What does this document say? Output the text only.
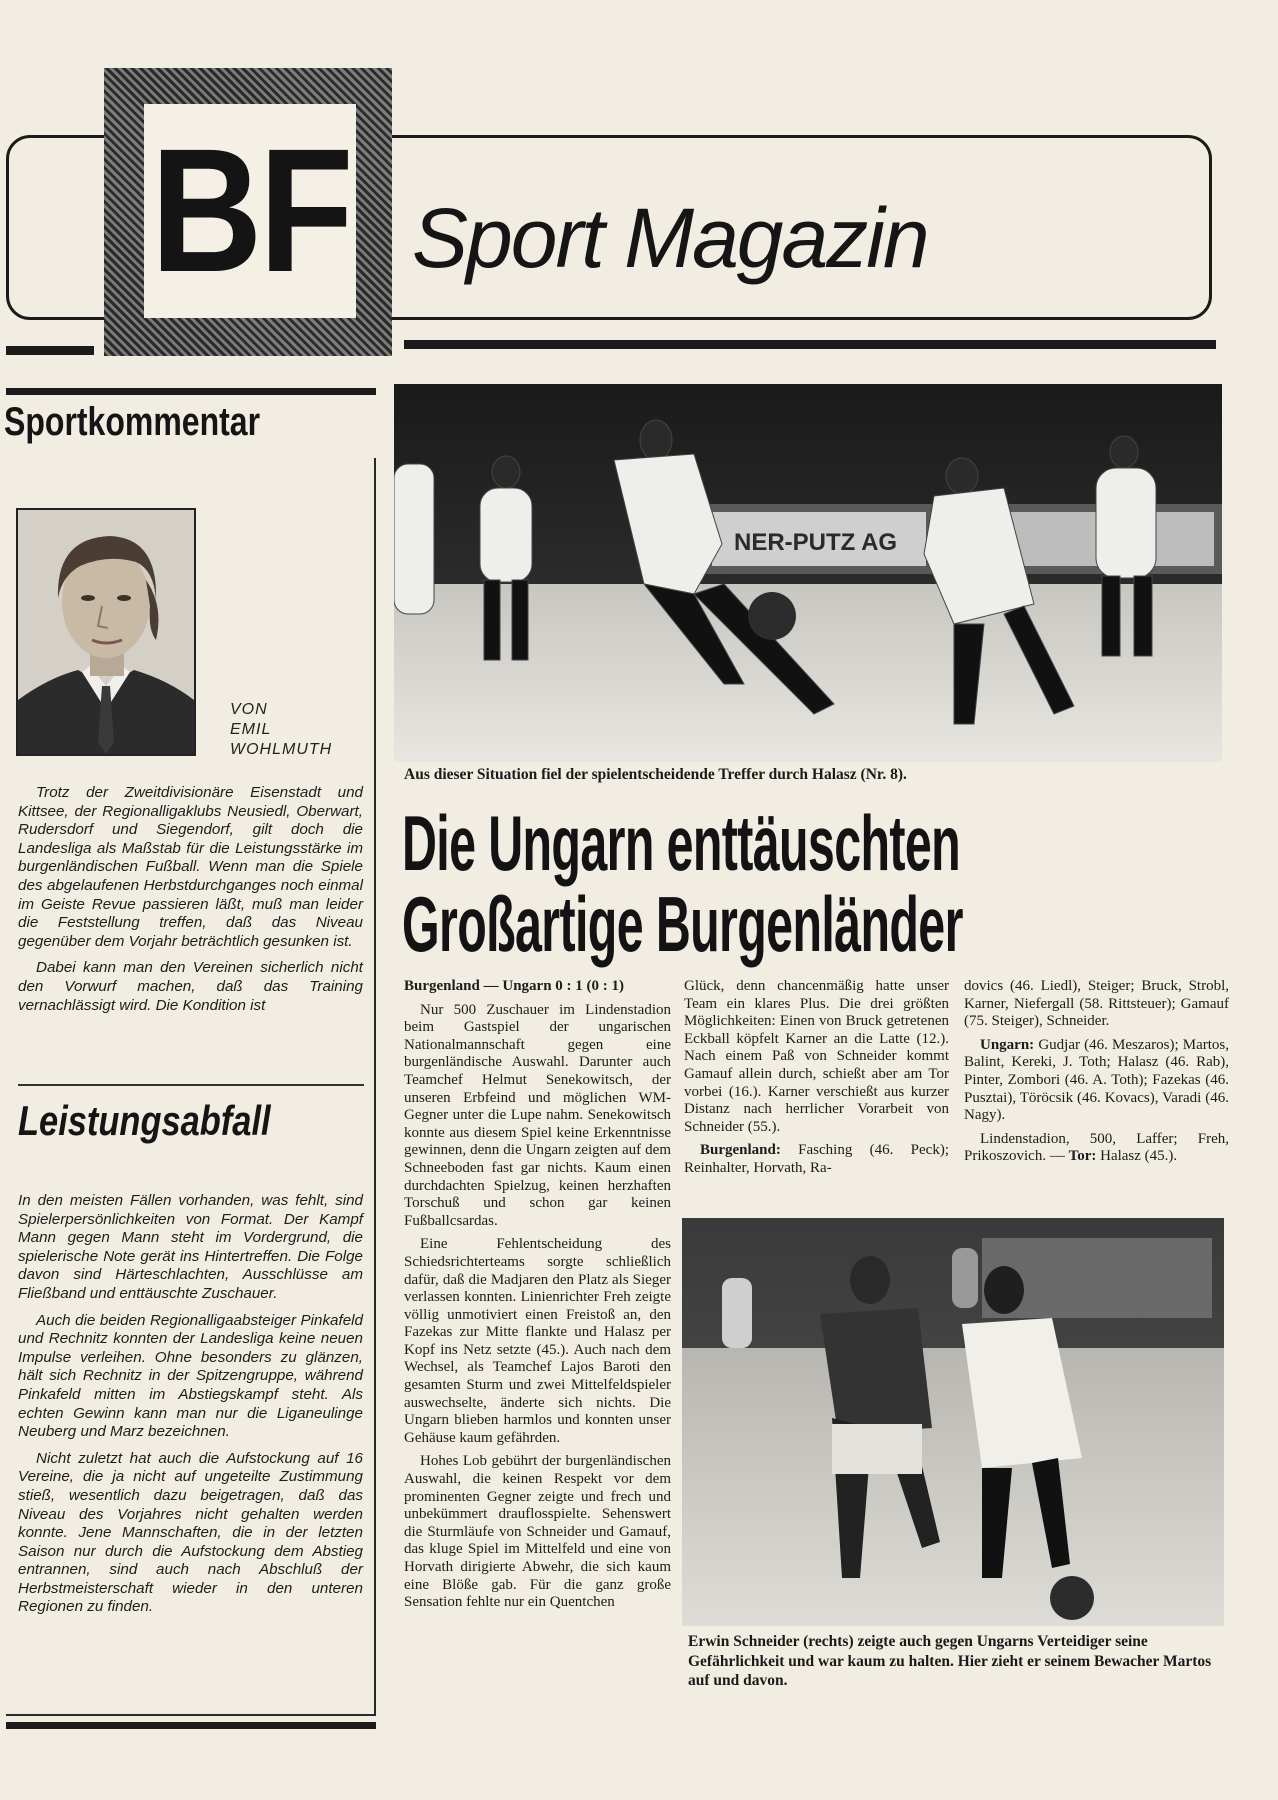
BF Sport Magazin
Sportkommentar
VON
EMIL
WOHLMUTH

Trotz der Zweitdivisionäre Eisenstadt und Kittsee, der Regionalligaklubs Neusiedl, Oberwart, Rudersdorf und Siegendorf, gilt doch die Landesliga als Maßstab für die Leistungsstärke im burgenländischen Fußball. Wenn man die Spiele des abgelaufenen Herbstdurchganges noch einmal im Geiste Revue passieren läßt, muß man leider die Feststellung treffen, daß das Niveau gegenüber dem Vorjahr beträchtlich gesunken ist.

Dabei kann man den Vereinen sicherlich nicht den Vorwurf machen, daß das Training vernachlässigt wird. Die Kondition ist

Leistungsabfall

In den meisten Fällen vorhanden, was fehlt, sind Spielerpersönlichkeiten von Format. Der Kampf Mann gegen Mann steht im Vordergrund, die spielerische Note gerät ins Hintertreffen. Die Folge davon sind Härteschlachten, Ausschlüsse am Fließband und enttäuschte Zuschauer.

Auch die beiden Regionalligaabsteiger Pinkafeld und Rechnitz konnten der Landesliga keine neuen Impulse verleihen. Ohne besonders zu glänzen, hält sich Rechnitz in der Spitzengruppe, während Pinkafeld mitten im Abstiegskampf steht. Als echten Gewinn kann man nur die Liganeulinge Neuberg und Marz bezeichnen.

Nicht zuletzt hat auch die Aufstockung auf 16 Vereine, die ja nicht auf ungeteilte Zustimmung stieß, wesentlich dazu beigetragen, daß das Niveau des Vorjahres nicht gehalten werden konnte. Jene Mannschaften, die in der letzten Saison nur durch die Aufstockung dem Abstieg entrannen, sind auch nach Abschluß der Herbstmeisterschaft wieder in den unteren Regionen zu finden.

NER-PUTZ AG
Aus dieser Situation fiel der spielentscheidende Treffer durch Halasz (Nr. 8).
Die Ungarn enttäuschten
Großartige Burgenländer

Burgenland — Ungarn 0 : 1 (0 : 1)

Nur 500 Zuschauer im Lindenstadion beim Gastspiel der ungarischen Nationalmannschaft gegen eine burgenländische Auswahl. Darunter auch Teamchef Helmut Senekowitsch, der unseren Erbfeind und möglichen WM-Gegner unter die Lupe nahm. Senekowitsch konnte aus diesem Spiel keine Erkenntnisse gewinnen, denn die Ungarn zeigten auf dem Schneeboden fast gar nichts. Kaum einen durchdachten Spielzug, keinen herzhaften Torschuß und schon gar keinen Fußballcsardas.

Eine Fehlentscheidung des Schiedsrichterteams sorgte schließlich dafür, daß die Madjaren den Platz als Sieger verlassen konnten. Linienrichter Freh zeigte völlig unmotiviert einen Freistoß an, den Fazekas zur Mitte flankte und Halasz per Kopf ins Netz setzte (45.). Auch nach dem Wechsel, als Teamchef Lajos Baroti den gesamten Sturm und zwei Mittelfeldspieler auswechselte, änderte sich nichts. Die Ungarn blieben harmlos und konnten unser Gehäuse kaum gefährden.

Hohes Lob gebührt der burgenländischen Auswahl, die keinen Respekt vor dem prominenten Gegner zeigte und frech und unbekümmert drauflosspielte. Sehenswert die Sturmläufe von Schneider und Gamauf, das kluge Spiel im Mittelfeld und eine von Horvath dirigierte Abwehr, die sich kaum eine Blöße gab. Für die ganz große Sensation fehlte nur ein Quentchen

Glück, denn chancenmäßig hatte unser Team ein klares Plus. Die drei größten Möglichkeiten: Einen von Bruck getretenen Eckball köpfelt Karner an die Latte (12.). Nach einem Paß von Schneider kommt Gamauf allein durch, schießt aber am Tor vorbei (16.). Karner verschießt aus kurzer Distanz nach herrlicher Vorarbeit von Schneider (55.).

Burgenland: Fasching (46. Peck); Reinhalter, Horvath, Ra-

dovics (46. Liedl), Steiger; Bruck, Strobl, Karner, Niefergall (58. Rittsteuer); Gamauf (75. Steiger), Schneider.

Ungarn: Gudjar (46. Meszaros); Martos, Balint, Kereki, J. Toth; Halasz (46. Rab), Pinter, Zombori (46. A. Toth); Fazekas (46. Pusztai), Töröcsik (46. Kovacs), Varadi (46. Nagy).

Lindenstadion, 500, Laffer; Freh, Prikoszovich. — Tor: Halasz (45.).

Erwin Schneider (rechts) zeigte auch gegen Ungarns Verteidiger seine Gefährlichkeit und war kaum zu halten. Hier zieht er seinem Bewacher Martos auf und davon.
